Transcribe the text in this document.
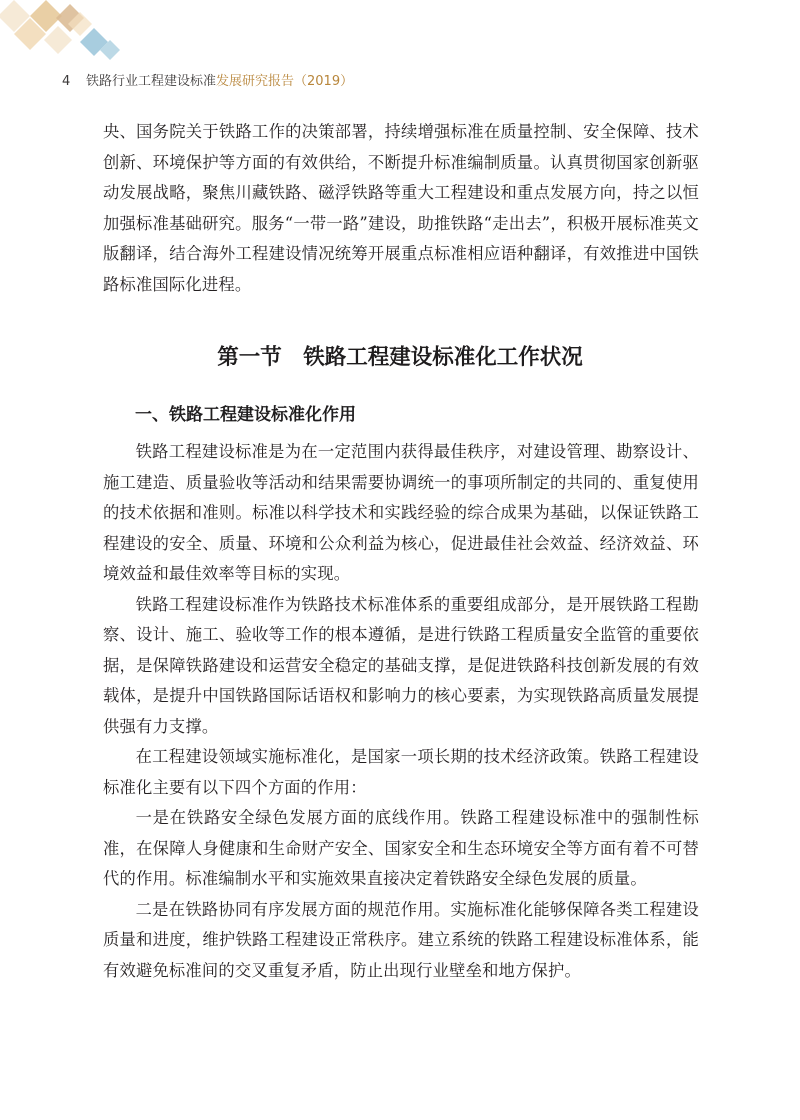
4 铁路行业工程建设标准发展研究报告（2019）

央、国务院关于铁路工作的决策部署，持续增强标准在质量控制、安全保障、技术创新、环境保护等方面的有效供给，不断提升标准编制质量。认真贯彻国家创新驱动发展战略，聚焦川藏铁路、磁浮铁路等重大工程建设和重点发展方向，持之以恒加强标准基础研究。服务“一带一路”建设，助推铁路“走出去”，积极开展标准英文版翻译，结合海外工程建设情况统筹开展重点标准相应语种翻译，有效推进中国铁路标准国际化进程。

第一节　铁路工程建设标准化工作状况
一、铁路工程建设标准化作用

铁路工程建设标准是为在一定范围内获得最佳秩序，对建设管理、勘察设计、施工建造、质量验收等活动和结果需要协调统一的事项所制定的共同的、重复使用的技术依据和准则。标准以科学技术和实践经验的综合成果为基础，以保证铁路工程建设的安全、质量、环境和公众利益为核心，促进最佳社会效益、经济效益、环境效益和最佳效率等目标的实现。

铁路工程建设标准作为铁路技术标准体系的重要组成部分，是开展铁路工程勘察、设计、施工、验收等工作的根本遵循，是进行铁路工程质量安全监管的重要依据，是保障铁路建设和运营安全稳定的基础支撑，是促进铁路科技创新发展的有效载体，是提升中国铁路国际话语权和影响力的核心要素，为实现铁路高质量发展提供强有力支撑。

在工程建设领域实施标准化，是国家一项长期的技术经济政策。铁路工程建设标准化主要有以下四个方面的作用：

一是在铁路安全绿色发展方面的底线作用。铁路工程建设标准中的强制性标准，在保障人身健康和生命财产安全、国家安全和生态环境安全等方面有着不可替代的作用。标准编制水平和实施效果直接决定着铁路安全绿色发展的质量。

二是在铁路协同有序发展方面的规范作用。实施标准化能够保障各类工程建设质量和进度，维护铁路工程建设正常秩序。建立系统的铁路工程建设标准体系，能有效避免标准间的交叉重复矛盾，防止出现行业壁垒和地方保护。
